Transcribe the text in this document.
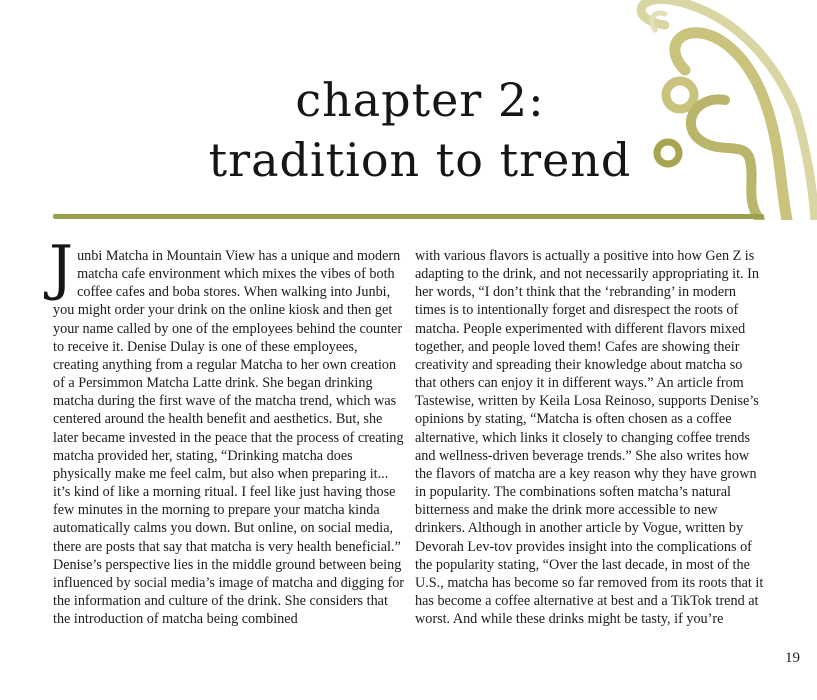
chapter 2:
tradition to trend
J unbi Matcha in Mountain View has a unique and modern matcha cafe environment which mixes the vibes of both coffee cafes and boba stores. When walking into Junbi, you might order your drink on the online kiosk and then get your name called by one of the employees behind the counter to receive it. Denise Dulay is one of these employees, creating anything from a regular Matcha to her own creation of a Persimmon Matcha Latte drink. She began drinking matcha during the first wave of the matcha trend, which was centered around the health benefit and aesthetics. But, she later became invested in the peace that the process of creating matcha provided her, stating, “Drinking matcha does physically make me feel calm, but also when preparing it... it’s kind of like a morning ritual. I feel like just having those few minutes in the morning to prepare your matcha kinda automatically calms you down. But online, on social media, there are posts that say that matcha is very health beneficial.” Denise’s perspective lies in the middle ground between being influenced by social media’s image of matcha and digging for the information and culture of the drink. She considers that the introduction of matcha being combined

with various flavors is actually a positive into how Gen Z is adapting to the drink, and not necessarily appropriating it. In her words, “I don’t think that the ‘rebranding’ in modern times is to intentionally forget and disrespect the roots of matcha. People experimented with different flavors mixed together, and people loved them! Cafes are showing their creativity and spreading their knowledge about matcha so that others can enjoy it in different ways.” An article from Tastewise, written by Keila Losa Reinoso, supports Denise’s opinions by stating, “Matcha is often chosen as a coffee alternative, which links it closely to changing coffee trends and wellness-driven beverage trends.” She also writes how the flavors of matcha are a key reason why they have grown in popularity. The combinations soften matcha’s natural bitterness and make the drink more accessible to new drinkers. Although in another article by Vogue, written by Devorah Lev-tov provides insight into the complications of the popularity stating, “Over the last decade, in most of the U.S., matcha has become so far removed from its roots that it has become a coffee alternative at best and a TikTok trend at worst. And while these drinks might be tasty, if you’re

19
